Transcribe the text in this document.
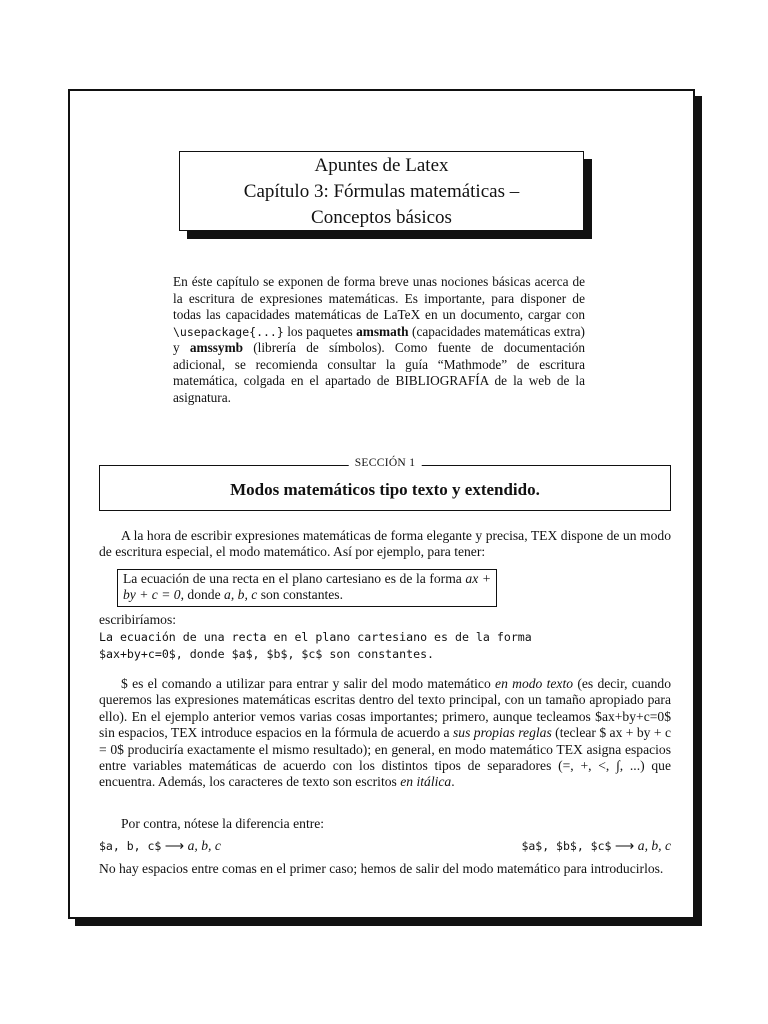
Apuntes de Latex
Capítulo 3: Fórmulas matemáticas –
Conceptos básicos
En éste capítulo se exponen de forma breve unas nociones básicas acerca de la escritura de expresiones matemáticas. Es importante, para disponer de todas las capacidades matemáticas de LaTeX en un documento, cargar con \usepackage{...} los paquetes amsmath (capacidades matemáticas extra) y amssymb (librería de símbolos). Como fuente de documentación adicional, se recomienda consultar la guía “Mathmode” de escritura matemática, colgada en el apartado de BIBLIOGRAFÍA de la web de la asignatura.
SECCIÓN 1
Modos matemáticos tipo texto y extendido.
A la hora de escribir expresiones matemáticas de forma elegante y precisa, TEX dispone de un modo de escritura especial, el modo matemático. Así por ejemplo, para tener:
La ecuación de una recta en el plano cartesiano es de la forma ax + by + c = 0, donde a, b, c son constantes.
escribiríamos:
La ecuación de una recta en el plano cartesiano es de la forma
$ax+by+c=0$, donde $a$, $b$, $c$ son constantes.
$ es el comando a utilizar para entrar y salir del modo matemático en modo texto (es decir, cuando queremos las expresiones matemáticas escritas dentro del texto principal, con un tamaño apropiado para ello). En el ejemplo anterior vemos varias cosas importantes; primero, aunque tecleamos $ax+by+c=0$ sin espacios, TEX introduce espacios en la fórmula de acuerdo a sus propias reglas (teclear $ ax + by + c = 0$ produciría exactamente el mismo resultado); en general, en modo matemático TEX asigna espacios entre variables matemáticas de acuerdo con los distintos tipos de separadores (=, +, <, ∫, ...) que encuentra. Además, los caracteres de texto son escritos en itálica.
Por contra, nótese la diferencia entre:
$a, b, c$ ⟶ a, b, c	$a$, $b$, $c$ ⟶ a, b, c
No hay espacios entre comas en el primer caso; hemos de salir del modo matemático para introducirlos.
